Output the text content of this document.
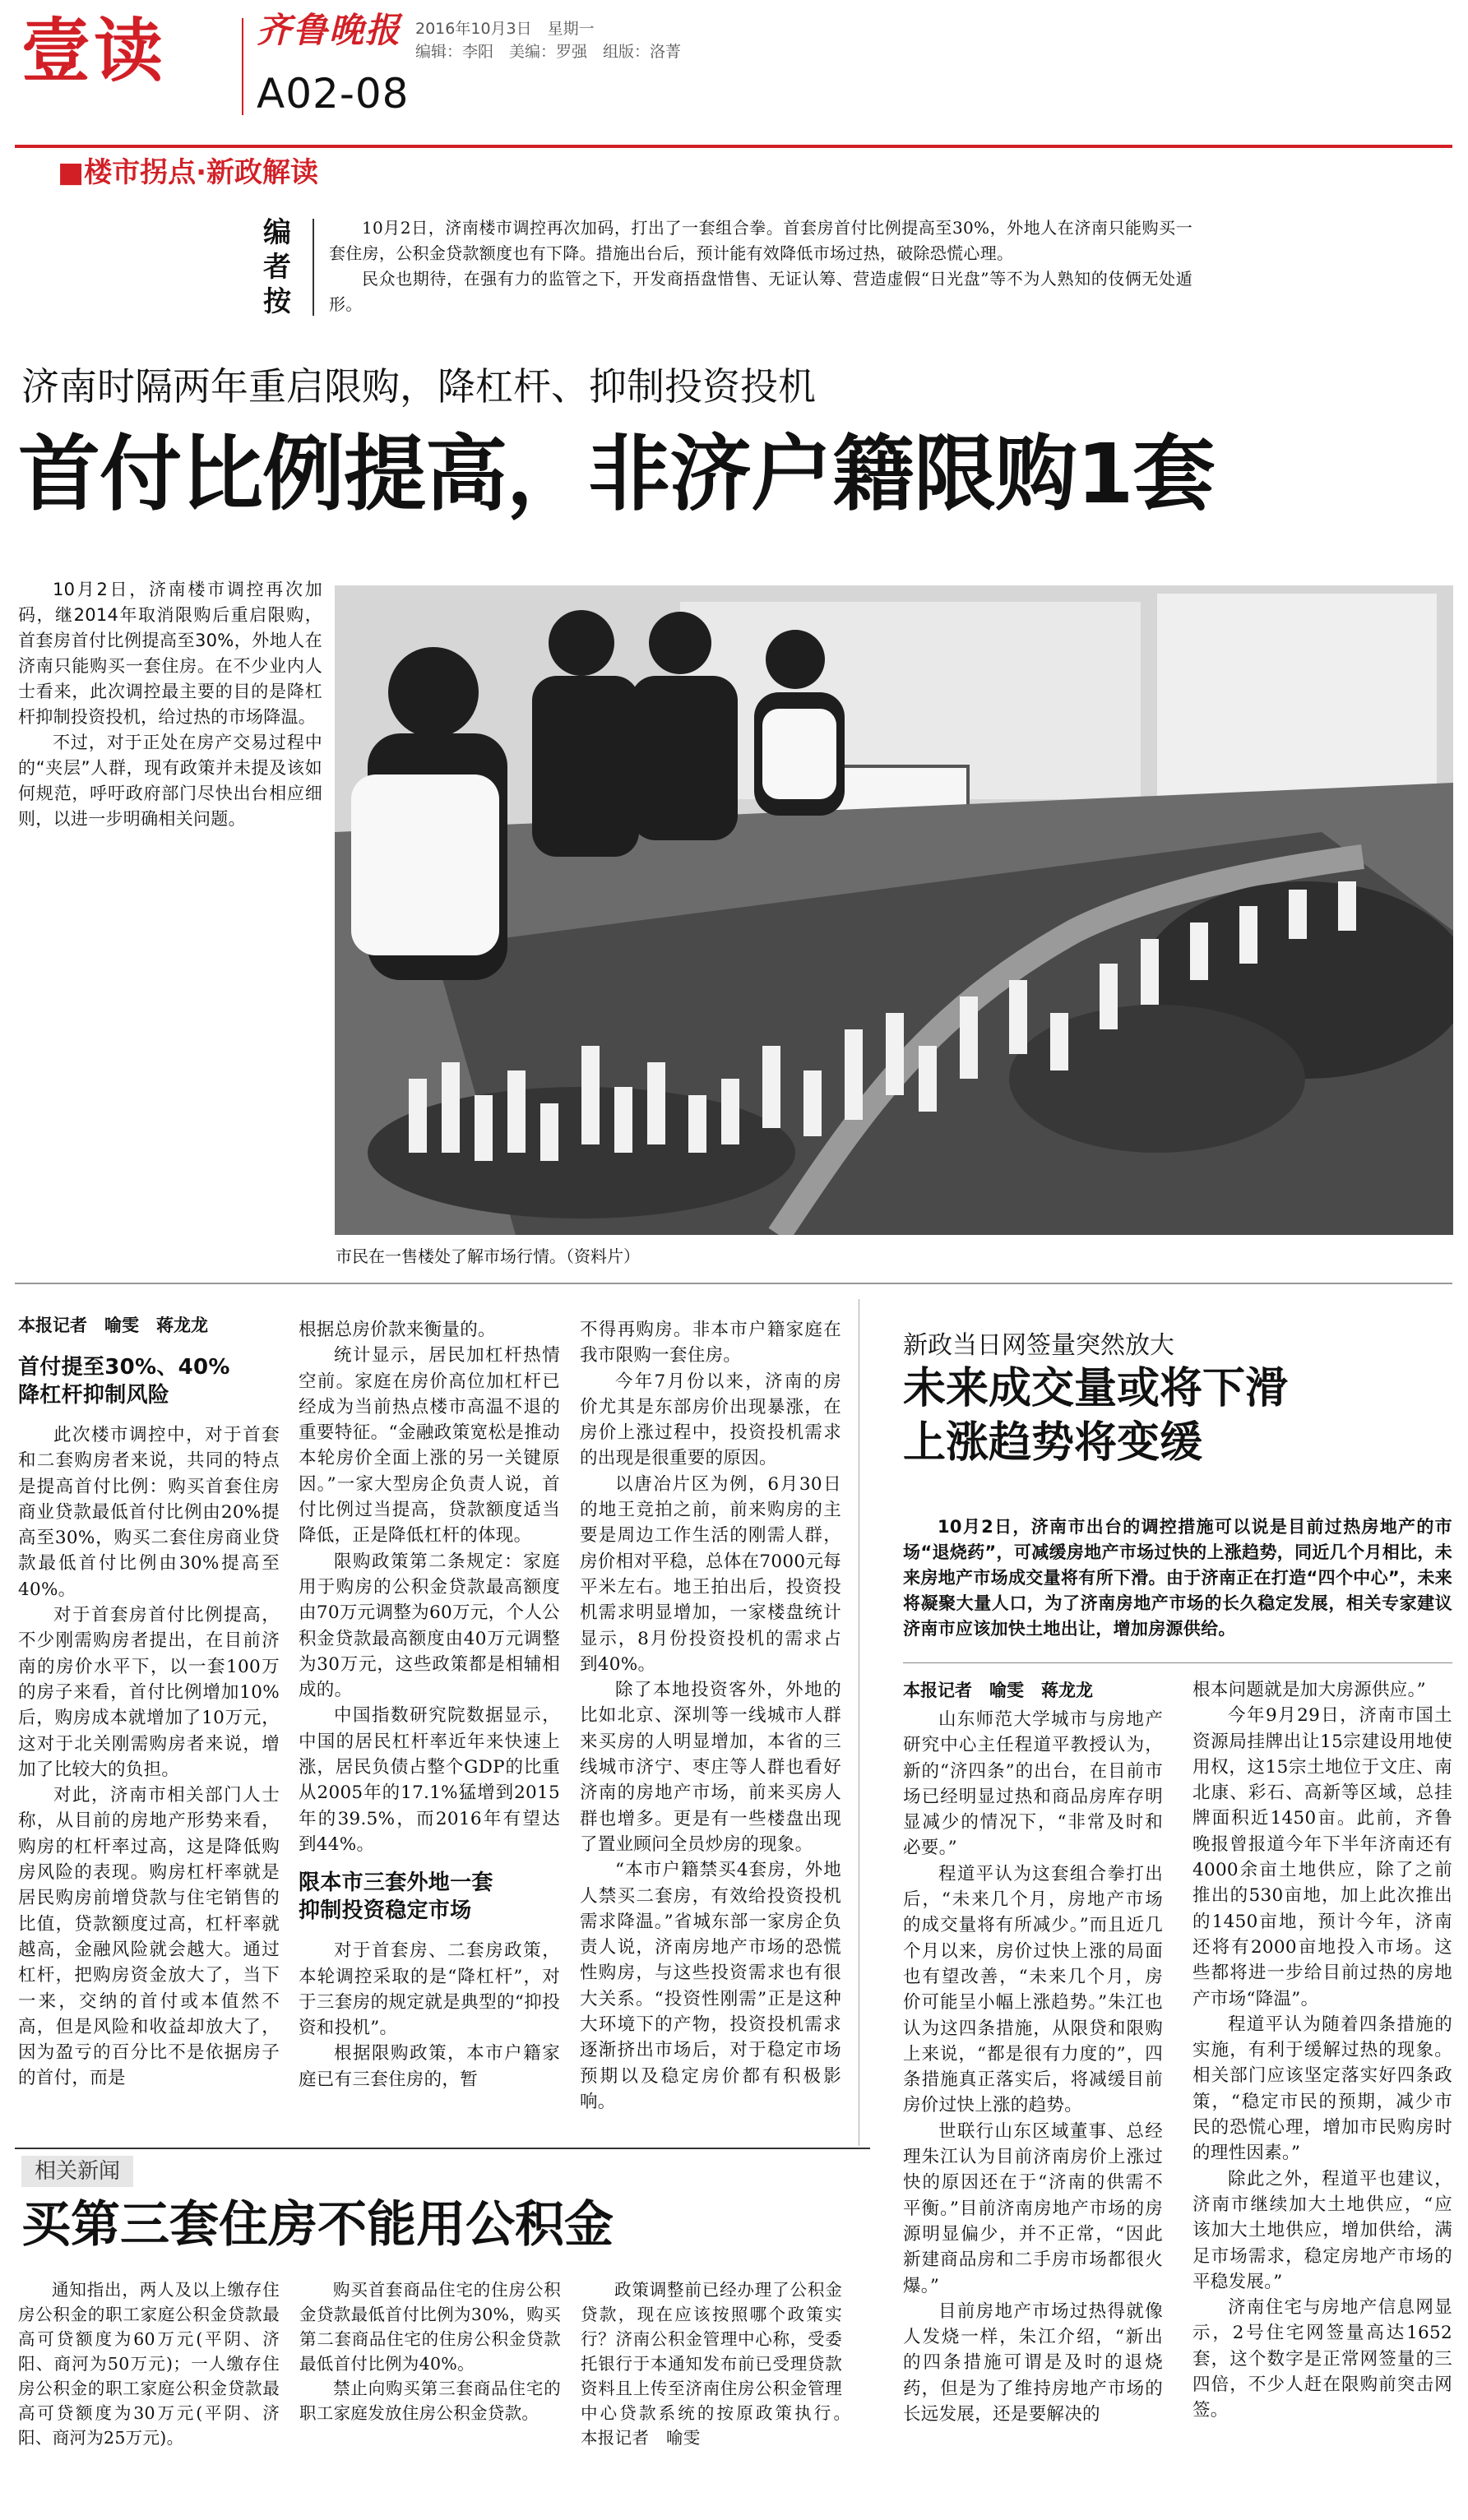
壹读	齐鲁晚报 2016年10月3日　星期一
编辑：李阳　美编：罗强　组版：洛菁
A02-08
■楼市拐点·新政解读
编者按

10月2日，济南楼市调控再次加码，打出了一套组合拳。首套房首付比例提高至30%，外地人在济南只能购买一套住房，公积金贷款额度也有下降。措施出台后，预计能有效降低市场过热，破除恐慌心理。

民众也期待，在强有力的监管之下，开发商捂盘惜售、无证认筹、营造虚假“日光盘”等不为人熟知的伎俩无处遁形。

济南时隔两年重启限购，降杠杆、抑制投资投机
首付比例提高，非济户籍限购1套

10月2日，济南楼市调控再次加码，继2014年取消限购后重启限购，首套房首付比例提高至30%，外地人在济南只能购买一套住房。在不少业内人士看来，此次调控最主要的目的是降杠杆抑制投资投机，给过热的市场降温。

不过，对于正处在房产交易过程中的“夹层”人群，现有政策并未提及该如何规范，呼吁政府部门尽快出台相应细则，以进一步明确相关问题。

市民在一售楼处了解市场行情。（资料片）
本报记者　喻雯　蒋龙龙
首付提至30%、40%
降杠杆抑制风险

此次楼市调控中，对于首套和二套购房者来说，共同的特点是提高首付比例：购买首套住房商业贷款最低首付比例由20%提高至30%，购买二套住房商业贷款最低首付比例由30%提高至40%。

对于首套房首付比例提高，不少刚需购房者提出，在目前济南的房价水平下，以一套100万的房子来看，首付比例增加10%后，购房成本就增加了10万元，这对于北关刚需购房者来说，增加了比较大的负担。

对此，济南市相关部门人士称，从目前的房地产形势来看，购房的杠杆率过高，这是降低购房风险的表现。购房杠杆率就是居民购房前增贷款与住宅销售的比值，贷款额度过高，杠杆率就越高，金融风险就会越大。通过杠杆，把购房资金放大了，当下一来，交纳的首付或本值然不高，但是风险和收益却放大了，因为盈亏的百分比不是依据房子的首付，而是

根据总房价款来衡量的。

统计显示，居民加杠杆热情空前。家庭在房价高位加杠杆已经成为当前热点楼市高温不退的重要特征。“金融政策宽松是推动本轮房价全面上涨的另一关键原因。”一家大型房企负责人说，首付比例过当提高，贷款额度适当降低，正是降低杠杆的体现。

限购政策第二条规定：家庭用于购房的公积金贷款最高额度由70万元调整为60万元，个人公积金贷款最高额度由40万元调整为30万元，这些政策都是相辅相成的。

中国指数研究院数据显示，中国的居民杠杆率近年来快速上涨，居民负债占整个GDP的比重从2005年的17.1%猛增到2015年的39.5%，而2016年有望达到44%。

限本市三套外地一套
抑制投资稳定市场

对于首套房、二套房政策，本轮调控采取的是“降杠杆”，对于三套房的规定就是典型的“抑投资和投机”。

根据限购政策，本市户籍家庭已有三套住房的，暂

不得再购房。非本市户籍家庭在我市限购一套住房。

今年7月份以来，济南的房价尤其是东部房价出现暴涨，在房价上涨过程中，投资投机需求的出现是很重要的原因。

以唐冶片区为例，6月30日的地王竞拍之前，前来购房的主要是周边工作生活的刚需人群，房价相对平稳，总体在7000元每平米左右。地王拍出后，投资投机需求明显增加，一家楼盘统计显示，8月份投资投机的需求占到40%。

除了本地投资客外，外地的比如北京、深圳等一线城市人群来买房的人明显增加，本省的三线城市济宁、枣庄等人群也看好济南的房地产市场，前来买房人群也增多。更是有一些楼盘出现了置业顾问全员炒房的现象。

“本市户籍禁买4套房，外地人禁买二套房，有效给投资投机需求降温。”省城东部一家房企负责人说，济南房地产市场的恐慌性购房，与这些投资需求也有很大关系。“投资性刚需”正是这种大环境下的产物，投资投机需求逐渐挤出市场后，对于稳定市场预期以及稳定房价都有积极影响。

新政当日网签量突然放大
未来成交量或将下滑
上涨趋势将变缓

10月2日，济南市出台的调控措施可以说是目前过热房地产的市场“退烧药”，可减缓房地产市场过快的上涨趋势，同近几个月相比，未来房地产市场成交量将有所下滑。由于济南正在打造“四个中心”，未来将凝聚大量人口，为了济南房地产市场的长久稳定发展，相关专家建议济南市应该加快土地出让，增加房源供给。

本报记者　喻雯　蒋龙龙

山东师范大学城市与房地产研究中心主任程道平教授认为，新的“济四条”的出台，在目前市场已经明显过热和商品房库存明显减少的情况下，“非常及时和必要。”

程道平认为这套组合拳打出后，“未来几个月，房地产市场的成交量将有所减少。”而且近几个月以来，房价过快上涨的局面也有望改善，“未来几个月，房价可能呈小幅上涨趋势。”朱江也认为这四条措施，从限贷和限购上来说，“都是很有力度的”，四条措施真正落实后，将减缓目前房价过快上涨的趋势。

世联行山东区域董事、总经理朱江认为目前济南房价上涨过快的原因还在于“济南的供需不平衡。”目前济南房地产市场的房源明显偏少，并不正常，“因此新建商品房和二手房市场都很火爆。”

目前房地产市场过热得就像人发烧一样，朱江介绍，“新出的四条措施可谓是及时的退烧药，但是为了维持房地产市场的长远发展，还是要解决的

根本问题就是加大房源供应。”

今年9月29日，济南市国土资源局挂牌出让15宗建设用地使用权，这15宗土地位于文庄、南北康、彩石、高新等区域，总挂牌面积近1450亩。此前，齐鲁晚报曾报道今年下半年济南还有4000余亩土地供应，除了之前推出的530亩地，加上此次推出的1450亩地，预计今年，济南还将有2000亩地投入市场。这些都将进一步给目前过热的房地产市场“降温”。

程道平认为随着四条措施的实施，有利于缓解过热的现象。相关部门应该坚定落实好四条政策，“稳定市民的预期，减少市民的恐慌心理，增加市民购房时的理性因素。”

除此之外，程道平也建议，济南市继续加大土地供应，“应该加大土地供应，增加供给，满足市场需求，稳定房地产市场的平稳发展。”

济南住宅与房地产信息网显示，2号住宅网签量高达1652套，这个数字是正常网签量的三四倍，不少人赶在限购前突击网签。

相关新闻
买第三套住房不能用公积金

通知指出，两人及以上缴存住房公积金的职工家庭公积金贷款最高可贷额度为60万元(平阴、济阳、商河为50万元)；一人缴存住房公积金的职工家庭公积金贷款最高可贷额度为30万元(平阴、济阳、商河为25万元)。

购买首套商品住宅的住房公积金贷款最低首付比例为30%，购买第二套商品住宅的住房公积金贷款最低首付比例为40%。

禁止向购买第三套商品住宅的职工家庭发放住房公积金贷款。

政策调整前已经办理了公积金贷款，现在应该按照哪个政策实行？济南公积金管理中心称，受委托银行于本通知发布前已受理贷款资料且上传至济南住房公积金管理中心贷款系统的按原政策执行。　本报记者　喻雯
